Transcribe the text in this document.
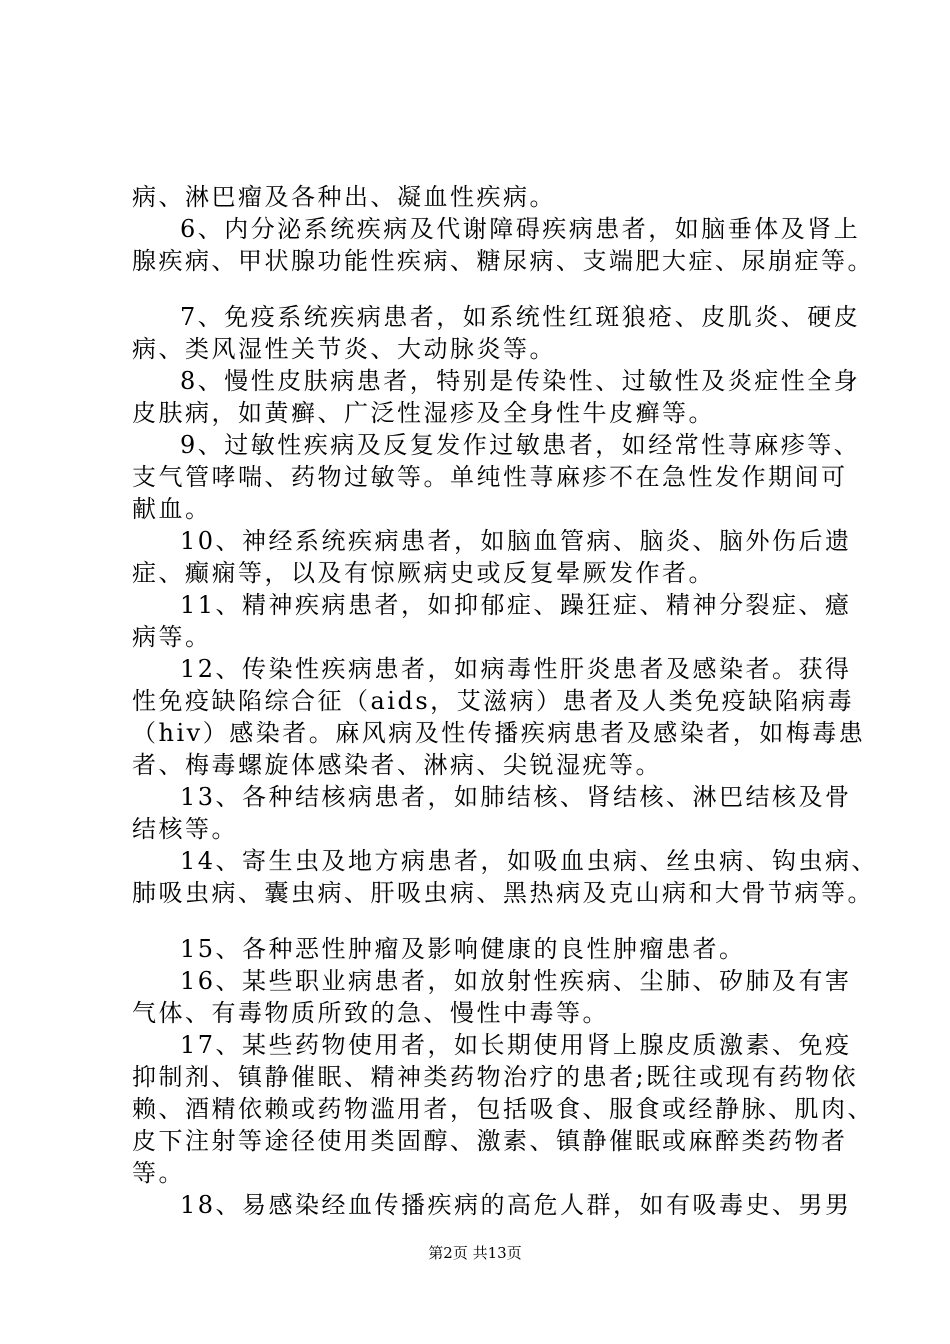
病、淋巴瘤及各种出、凝血性疾病。
6、内分泌系统疾病及代谢障碍疾病患者，如脑垂体及肾上
腺疾病、甲状腺功能性疾病、糖尿病、支端肥大症、尿崩症等。
7、免疫系统疾病患者，如系统性红斑狼疮、皮肌炎、硬皮
病、类风湿性关节炎、大动脉炎等。
8、慢性皮肤病患者，特别是传染性、过敏性及炎症性全身
皮肤病，如黄癣、广泛性湿疹及全身性牛皮癣等。
9、过敏性疾病及反复发作过敏患者，如经常性荨麻疹等、
支气管哮喘、药物过敏等。单纯性荨麻疹不在急性发作期间可
献血。
10、神经系统疾病患者，如脑血管病、脑炎、脑外伤后遗
症、癫痫等，以及有惊厥病史或反复晕厥发作者。
11、精神疾病患者，如抑郁症、躁狂症、精神分裂症、癔
病等。
12、传染性疾病患者，如病毒性肝炎患者及感染者。获得
性免疫缺陷综合征（aids，艾滋病）患者及人类免疫缺陷病毒
（hiv）感染者。麻风病及性传播疾病患者及感染者，如梅毒患
者、梅毒螺旋体感染者、淋病、尖锐湿疣等。
13、各种结核病患者，如肺结核、肾结核、淋巴结核及骨
结核等。
14、寄生虫及地方病患者，如吸血虫病、丝虫病、钩虫病、
肺吸虫病、囊虫病、肝吸虫病、黑热病及克山病和大骨节病等。
15、各种恶性肿瘤及影响健康的良性肿瘤患者。
16、某些职业病患者，如放射性疾病、尘肺、矽肺及有害
气体、有毒物质所致的急、慢性中毒等。
17、某些药物使用者，如长期使用肾上腺皮质激素、免疫
抑制剂、镇静催眠、精神类药物治疗的患者;既往或现有药物依
赖、酒精依赖或药物滥用者，包括吸食、服食或经静脉、肌肉、
皮下注射等途径使用类固醇、激素、镇静催眠或麻醉类药物者
等。
18、易感染经血传播疾病的高危人群，如有吸毒史、男男
第2页 共13页
